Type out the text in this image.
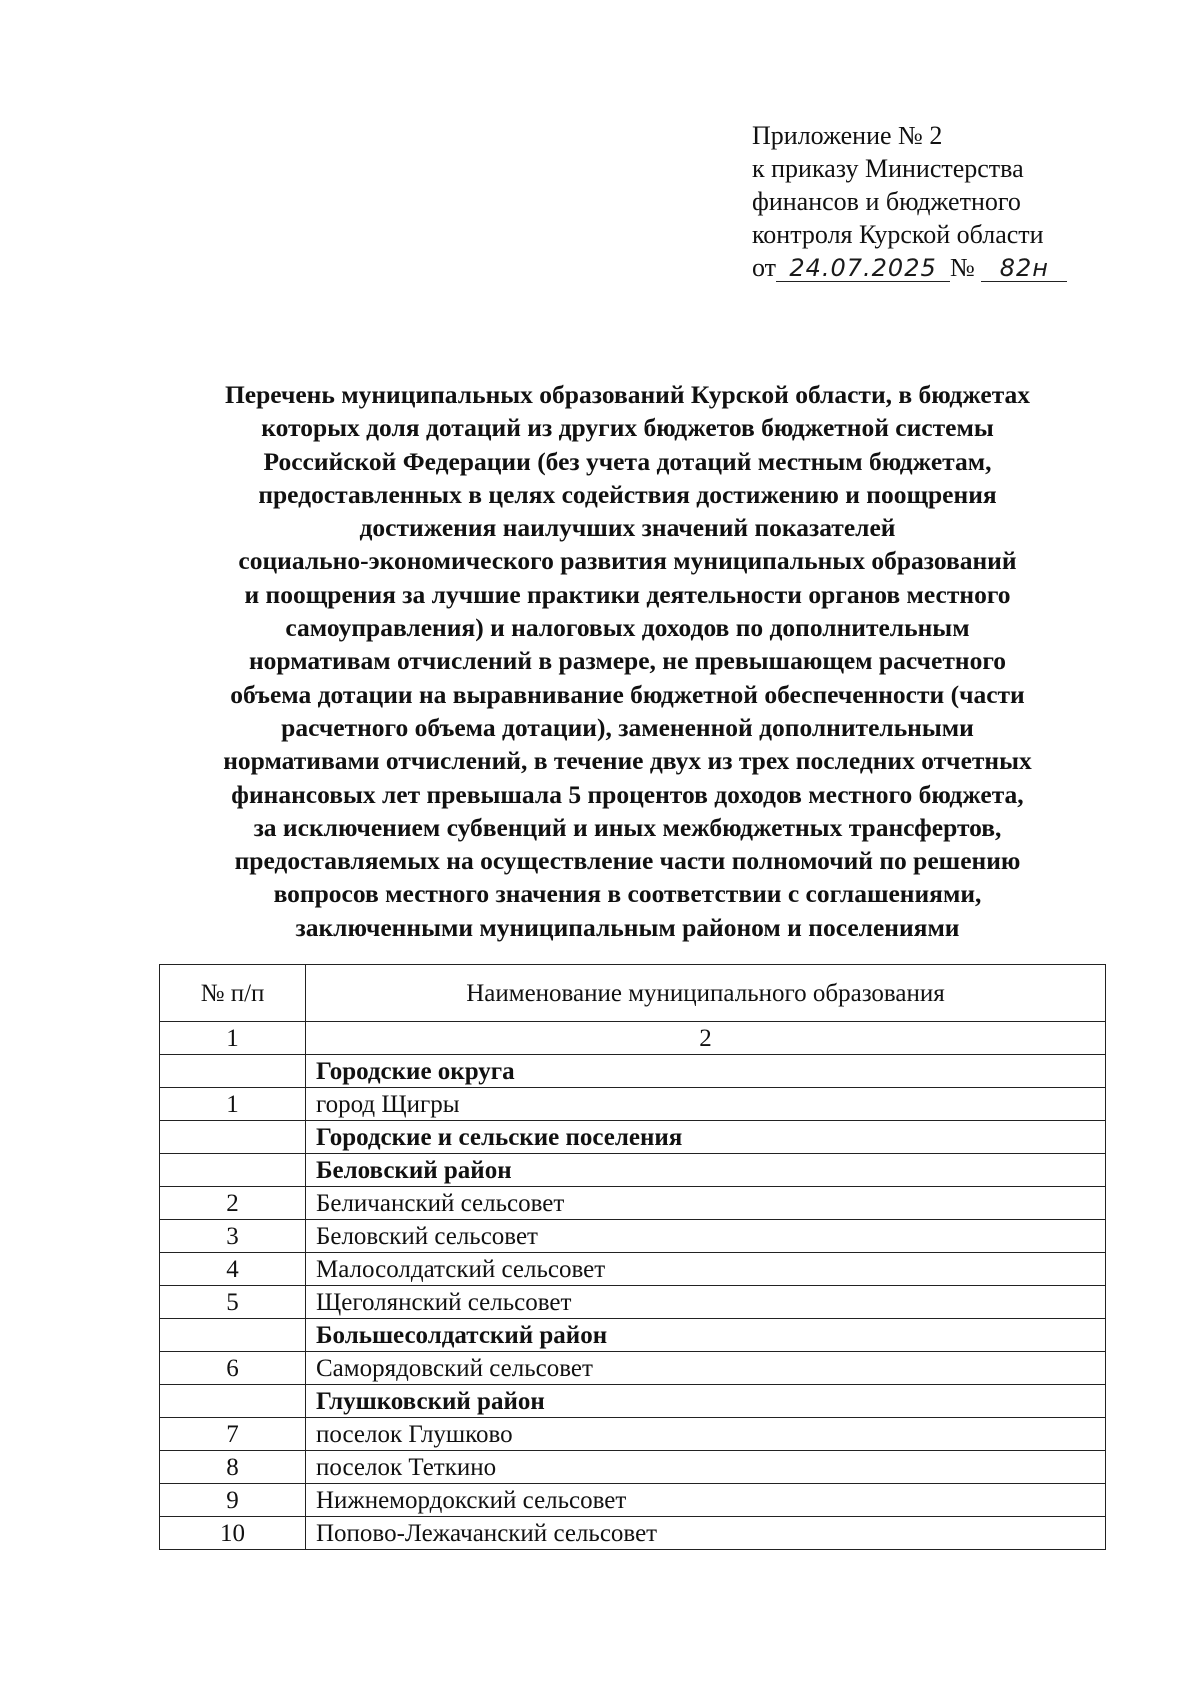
Приложение № 2
к приказу Министерства
финансов и бюджетного
контроля Курской области
от 24.07.2025 № 82н
Перечень муниципальных образований Курской области, в бюджетах
которых доля дотаций из других бюджетов бюджетной системы
Российской Федерации (без учета дотаций местным бюджетам,
предоставленных в целях содействия достижению и поощрения
достижения наилучших значений показателей
социально-экономического развития муниципальных образований
и поощрения за лучшие практики деятельности органов местного
самоуправления) и налоговых доходов по дополнительным
нормативам отчислений в размере, не превышающем расчетного
объема дотации на выравнивание бюджетной обеспеченности (части
расчетного объема дотации), замененной дополнительными
нормативами отчислений, в течение двух из трех последних отчетных
финансовых лет превышала 5 процентов доходов местного бюджета,
за исключением субвенций и иных межбюджетных трансфертов,
предоставляемых на осуществление части полномочий по решению
вопросов местного значения в соответствии с соглашениями,
заключенными муниципальным районом и поселениями
№ п/п	Наименование муниципального образования
1	2
	Городские округа
1	город Щигры
	Городские и сельские поселения
	Беловский район
2	Беличанский сельсовет
3	Беловский сельсовет
4	Малосолдатский сельсовет
5	Щеголянский сельсовет
	Большесолдатский район
6	Саморядовский сельсовет
	Глушковский район
7	поселок Глушково
8	поселок Теткино
9	Нижнемордокский сельсовет
10	Попово-Лежачанский сельсовет
